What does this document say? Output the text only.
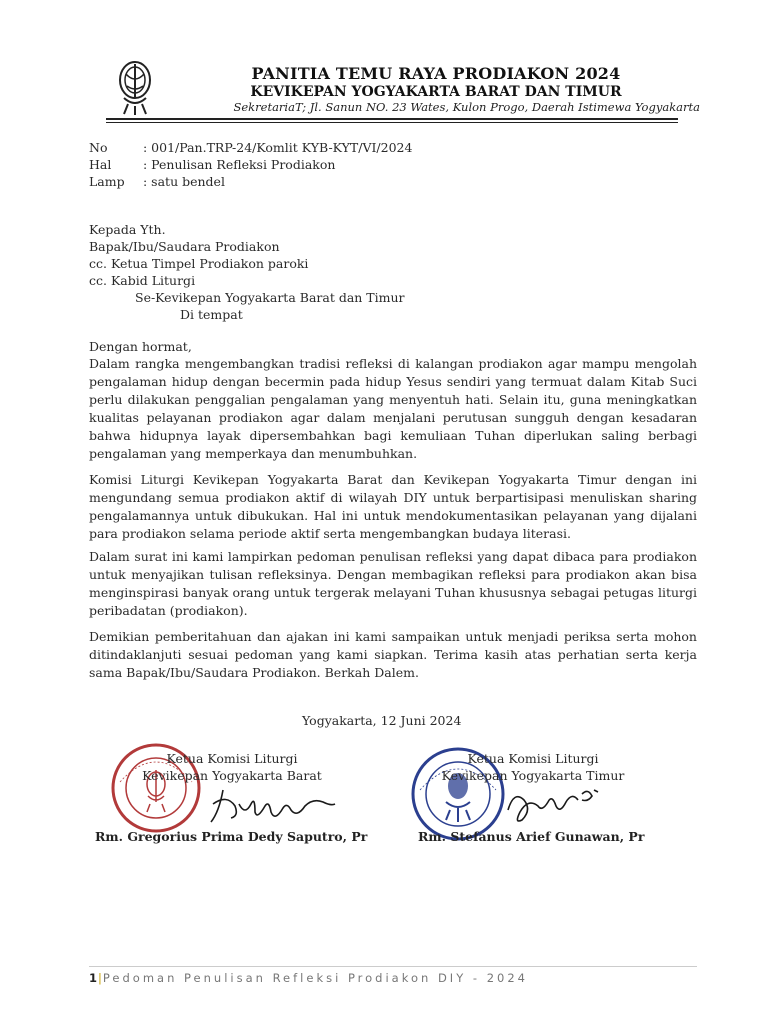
PANITIA TEMU RAYA PRODIAKON 2024
KEVIKEPAN YOGYAKARTA BARAT DAN TIMUR
SekretariaT; Jl. Sanun NO. 23 Wates, Kulon Progo, Daerah Istimewa Yogyakarta
No	: 001/Pan.TRP-24/Komlit KYB-KYT/VI/2024
Hal	: Penulisan Refleksi Prodiakon
Lamp : satu bendel
Kepada Yth.
Bapak/Ibu/Saudara Prodiakon
cc. Ketua Timpel Prodiakon paroki
cc. Kabid Liturgi
Se-Kevikepan Yogyakarta Barat dan Timur
Di tempat
Dengan hormat,
Dalam rangka mengembangkan tradisi refleksi di kalangan prodiakon agar mampu mengolah pengalaman hidup dengan becermin pada hidup Yesus sendiri yang termuat dalam Kitab Suci perlu dilakukan penggalian pengalaman yang menyentuh hati. Selain itu, guna meningkatkan kualitas pelayanan prodiakon agar dalam menjalani perutusan sungguh dengan kesadaran bahwa hidupnya layak dipersembahkan bagi kemuliaan Tuhan diperlukan saling berbagi pengalaman yang memperkaya dan menumbuhkan.
Komisi Liturgi Kevikepan Yogyakarta Barat dan Kevikepan Yogyakarta Timur dengan ini mengundang semua prodiakon aktif di wilayah DIY untuk berpartisipasi menuliskan sharing pengalamannya untuk dibukukan. Hal ini untuk mendokumentasikan pelayanan yang dijalani para prodiakon selama periode aktif serta mengembangkan budaya literasi.
Dalam surat ini kami lampirkan pedoman penulisan refleksi yang dapat dibaca para prodiakon untuk menyajikan tulisan refleksinya. Dengan membagikan refleksi para prodiakon akan bisa menginspirasi banyak orang untuk tergerak melayani Tuhan khususnya sebagai petugas liturgi peribadatan (prodiakon).
Demikian pemberitahuan dan ajakan ini kami sampaikan untuk menjadi periksa serta mohon ditindaklanjuti sesuai pedoman yang kami siapkan. Terima kasih atas perhatian serta kerja sama Bapak/Ibu/Saudara Prodiakon. Berkah Dalem.
Yogyakarta, 12 Juni 2024
Ketua Komisi Liturgi
Kevikepan Yogyakarta Barat
Rm. Gregorius Prima Dedy Saputro, Pr
Ketua Komisi Liturgi
Kevikepan Yogyakarta Timur
Rm. Stefanus Arief Gunawan, Pr
1|Pedoman Penulisan Refleksi Prodiakon DIY - 2024
